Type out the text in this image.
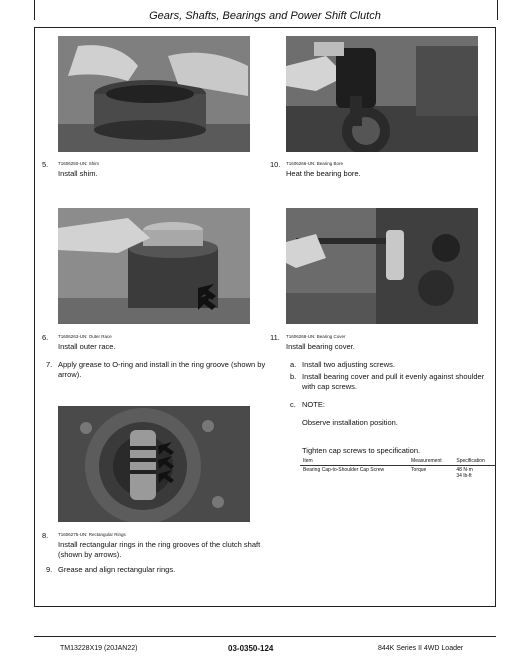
Gears, Shafts, Bearings and Power Shift Clutch
5. T1606250-UN: Shim
Install shim.
10. T1606266-UN: Bearing Bore
Heat the bearing bore.
6. T1606263-UN: Outer Race
Install outer race.
11. T1606268-UN: Bearing Cover
Install bearing cover.
7. Apply grease to O-ring and install in the ring groove (shown by arrow).
a. Install two adjusting screws.
b. Install bearing cover and pull it evenly against shoulder with cap screws.
c. NOTE:
Observe installation position.
Tighten cap screws to specification.
Item	Measurement	Specification
Bearing Cap-to-Shoulder Cap Screw	Torque	48 N·m
34 lb-ft
8. T1606275-UN: Rectangular Rings
Install rectangular rings in the ring grooves of the clutch shaft (shown by arrows).
9. Grease and align rectangular rings.
TM13228X19 (20JAN22)	03-0350-124	844K Series II 4WD Loader
